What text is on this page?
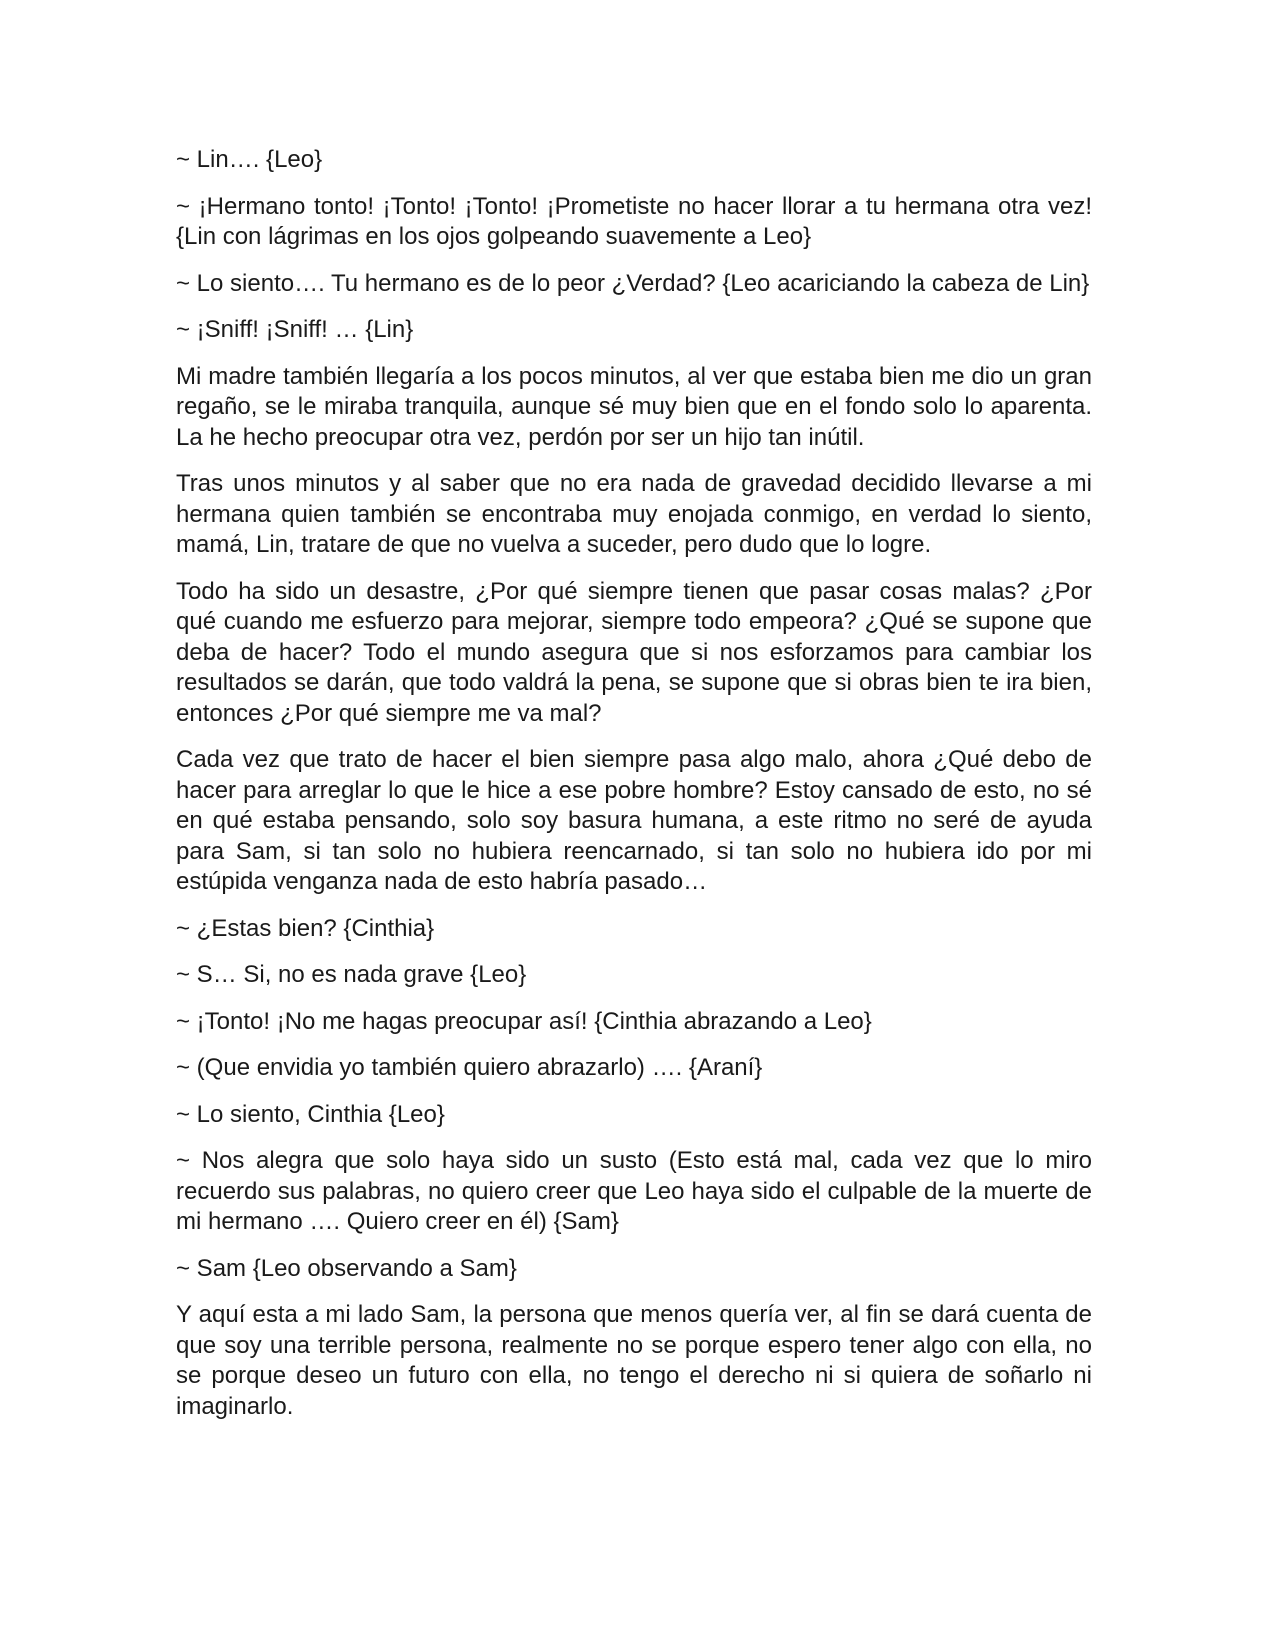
~ Lin…. {Leo}

~ ¡Hermano tonto! ¡Tonto! ¡Tonto! ¡Prometiste no hacer llorar a tu hermana otra vez! {Lin con lágrimas en los ojos golpeando suavemente a Leo}

~ Lo siento…. Tu hermano es de lo peor ¿Verdad? {Leo acariciando la cabeza de Lin}

~ ¡Sniff! ¡Sniff! … {Lin}

Mi madre también llegaría a los pocos minutos, al ver que estaba bien me dio un gran regaño, se le miraba tranquila, aunque sé muy bien que en el fondo solo lo aparenta. La he hecho preocupar otra vez, perdón por ser un hijo tan inútil.

Tras unos minutos y al saber que no era nada de gravedad decidido llevarse a mi hermana quien también se encontraba muy enojada conmigo, en verdad lo siento, mamá, Lin, tratare de que no vuelva a suceder, pero dudo que lo logre.

Todo ha sido un desastre, ¿Por qué siempre tienen que pasar cosas malas? ¿Por qué cuando me esfuerzo para mejorar, siempre todo empeora? ¿Qué se supone que deba de hacer? Todo el mundo asegura que si nos esforzamos para cambiar los resultados se darán, que todo valdrá la pena, se supone que si obras bien te ira bien, entonces ¿Por qué siempre me va mal?

Cada vez que trato de hacer el bien siempre pasa algo malo, ahora ¿Qué debo de hacer para arreglar lo que le hice a ese pobre hombre? Estoy cansado de esto, no sé en qué estaba pensando, solo soy basura humana, a este ritmo no seré de ayuda para Sam, si tan solo no hubiera reencarnado, si tan solo no hubiera ido por mi estúpida venganza nada de esto habría pasado…

~ ¿Estas bien? {Cinthia}

~ S… Si, no es nada grave {Leo}

~ ¡Tonto! ¡No me hagas preocupar así! {Cinthia abrazando a Leo}

~ (Que envidia yo también quiero abrazarlo) …. {Araní}

~ Lo siento, Cinthia {Leo}

~ Nos alegra que solo haya sido un susto (Esto está mal, cada vez que lo miro recuerdo sus palabras, no quiero creer que Leo haya sido el culpable de la muerte de mi hermano …. Quiero creer en él) {Sam}

~ Sam {Leo observando a Sam}

Y aquí esta a mi lado Sam, la persona que menos quería ver, al fin se dará cuenta de que soy una terrible persona, realmente no se porque espero tener algo con ella, no se porque deseo un futuro con ella, no tengo el derecho ni si quiera de soñarlo ni imaginarlo.
